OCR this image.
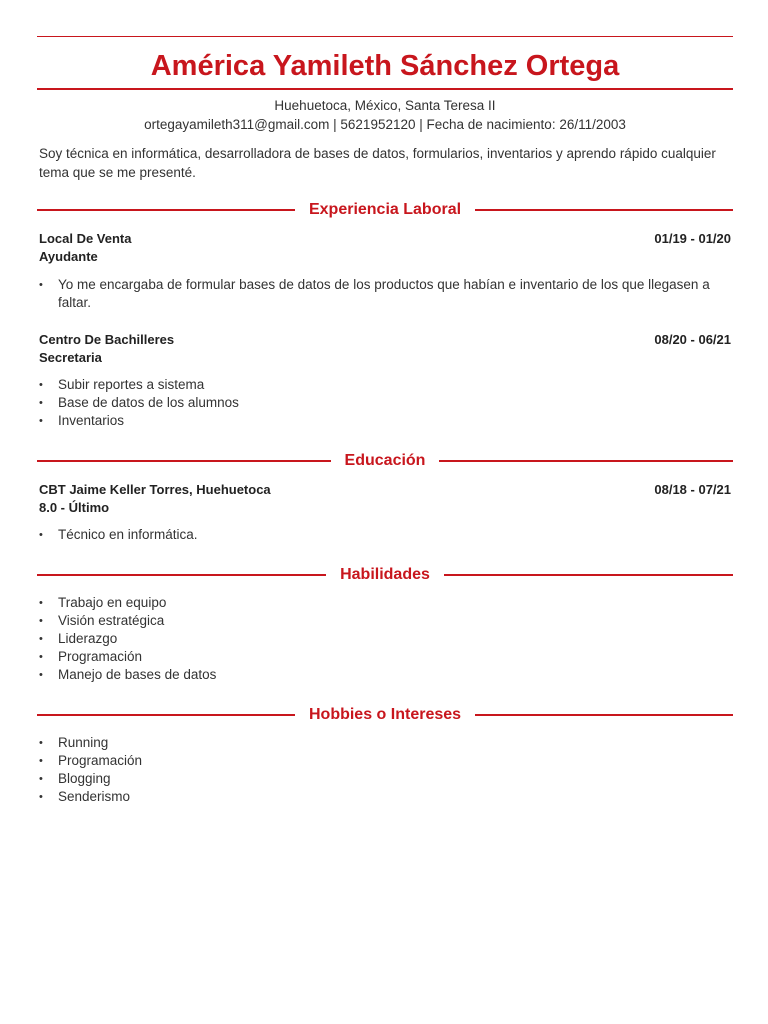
América Yamileth Sánchez Ortega
Huehuetoca, México, Santa Teresa II
ortegayamileth311@gmail.com | 5621952120 | Fecha de nacimiento: 26/11/2003
Soy técnica en informática, desarrolladora de bases de datos, formularios, inventarios y aprendo rápido cualquier tema que se me presenté.
Experiencia Laboral
Local De Venta	01/19 - 01/20
Ayudante
• Yo me encargaba de formular bases de datos de los productos que habían e inventario de los que llegasen a faltar.
Centro De Bachilleres	08/20 - 06/21
Secretaria
• Subir reportes a sistema
• Base de datos de los alumnos
• Inventarios
Educación
CBT Jaime Keller Torres, Huehuetoca	08/18 - 07/21
8.0 - Último
• Técnico en informática.
Habilidades
• Trabajo en equipo
• Visión estratégica
• Liderazgo
• Programación
• Manejo de bases de datos
Hobbies o Intereses
• Running
• Programación
• Blogging
• Senderismo
